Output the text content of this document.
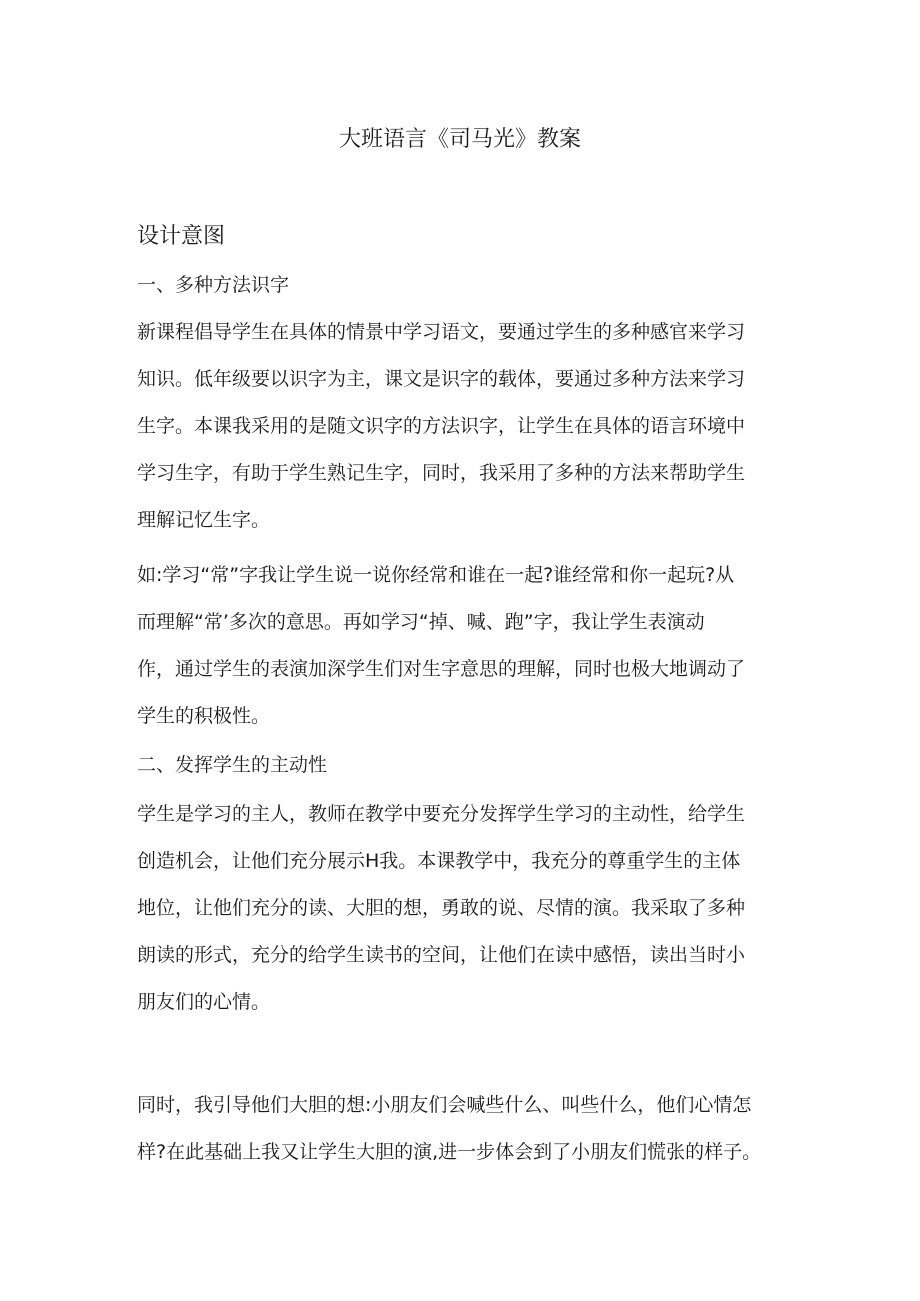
大班语言《司马光》教案
设计意图

一、多种方法识字

新课程倡导学生在具体的情景中学习语文，要通过学生的多种感官来学习

知识。低年级要以识字为主，课文是识字的载体，要通过多种方法来学习

生字。本课我采用的是随文识字的方法识字，让学生在具体的语言环境中

学习生字，有助于学生熟记生字，同时，我采用了多种的方法来帮助学生

理解记忆生字。

如:学习“常”字我让学生说一说你经常和谁在一起?谁经常和你一起玩?从

而理解“常’多次的意思。再如学习“掉、喊、跑”字，我让学生表演动

作，通过学生的表演加深学生们对生字意思的理解，同时也极大地调动了

学生的积极性。

二、发挥学生的主动性

学生是学习的主人，教师在教学中要充分发挥学生学习的主动性，给学生

创造机会，让他们充分展示H我。本课教学中，我充分的尊重学生的主体

地位，让他们充分的读、大胆的想，勇敢的说、尽情的演。我采取了多种

朗读的形式，充分的给学生读书的空间，让他们在读中感悟，读出当时小

朋友们的心情。

同时，我引导他们大胆的想:小朋友们会喊些什么、叫些什么，他们心情怎

样?在此基础上我又让学生大胆的演,进一步体会到了小朋友们慌张的样子。
